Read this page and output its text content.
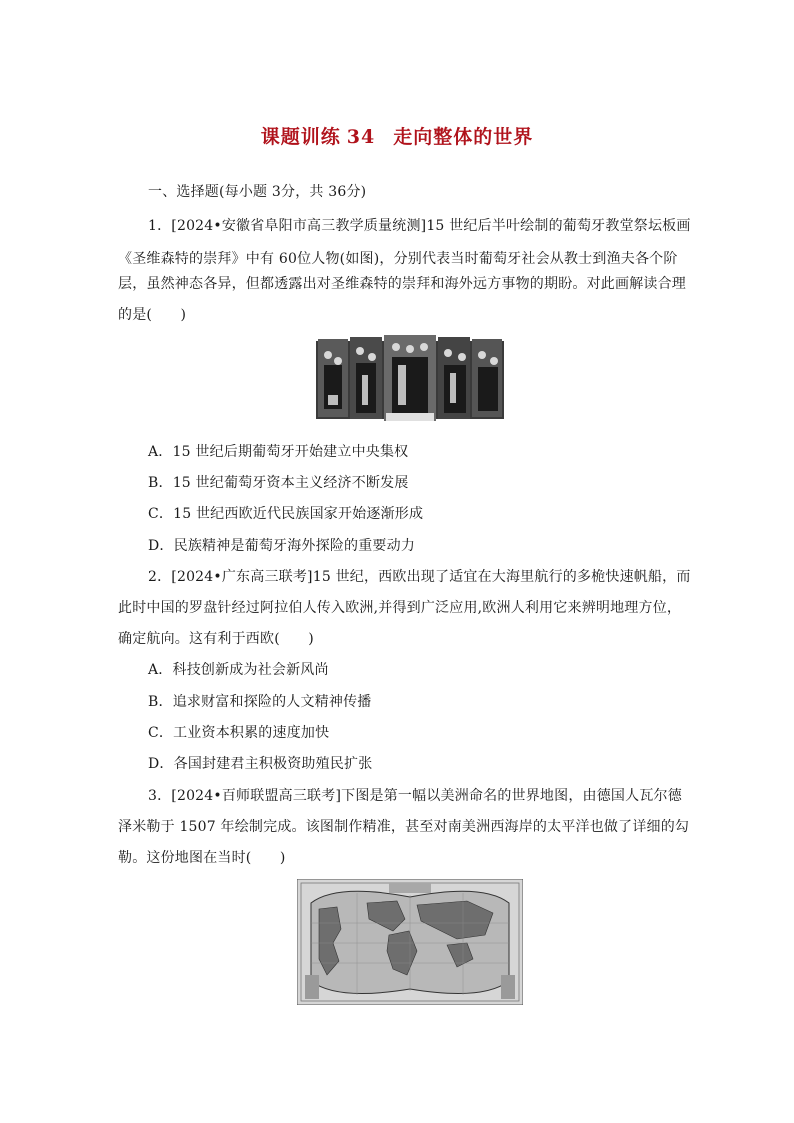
课题训练 34 走向整体的世界
一、选择题(每小题 3分，共 36分)
1．[2024•安徽省阜阳市高三教学质量统测]15 世纪后半叶绘制的葡萄牙教堂祭坛板画
《圣维森特的崇拜》中有 60位人物(如图)，分别代表当时葡萄牙社会从教士到渔夫各个阶
层，虽然神态各异，但都透露出对圣维森特的崇拜和海外远方事物的期盼。对此画解读合理
的是(　　)
A．15 世纪后期葡萄牙开始建立中央集权
B．15 世纪葡萄牙资本主义经济不断发展
C．15 世纪西欧近代民族国家开始逐渐形成
D．民族精神是葡萄牙海外探险的重要动力
2．[2024•广东高三联考]15 世纪，西欧出现了适宜在大海里航行的多桅快速帆船，而
此时中国的罗盘针经过阿拉伯人传入欧洲,并得到广泛应用,欧洲人利用它来辨明地理方位，
确定航向。这有利于西欧(　　)
A．科技创新成为社会新风尚
B．追求财富和探险的人文精神传播
C．工业资本积累的速度加快
D．各国封建君主积极资助殖民扩张
3．[2024•百师联盟高三联考]下图是第一幅以美洲命名的世界地图，由德国人瓦尔德
泽米勒于 1507 年绘制完成。该图制作精准，甚至对南美洲西海岸的太平洋也做了详细的勾
勒。这份地图在当时(　　)
